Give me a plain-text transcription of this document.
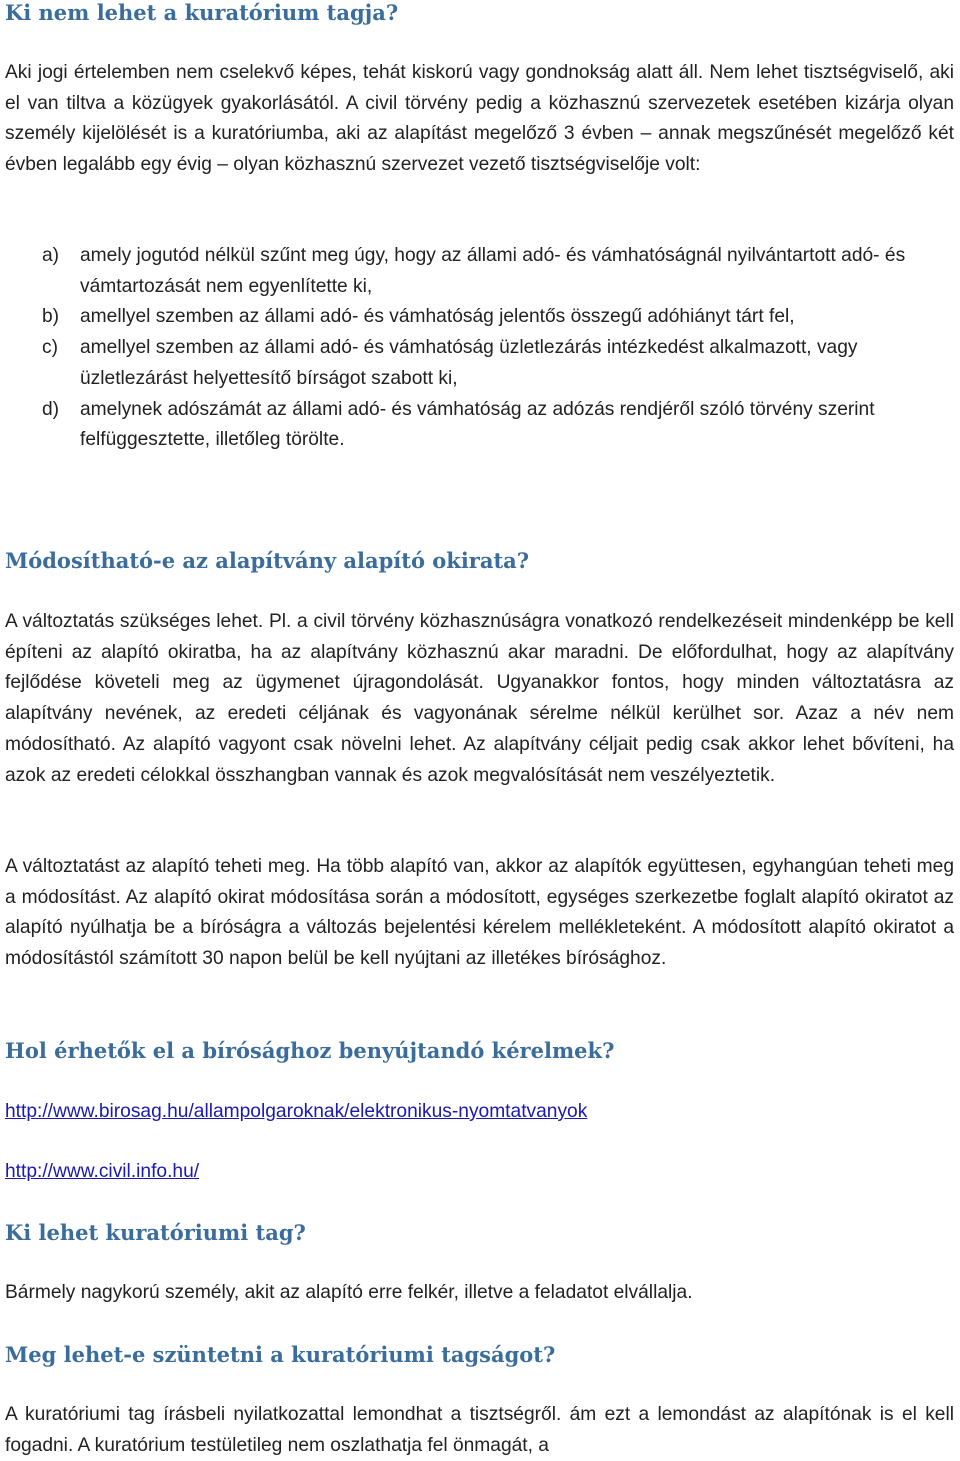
Ki nem lehet a kuratórium tagja?

Aki jogi értelemben nem cselekvő képes, tehát kiskorú vagy gondnokság alatt áll. Nem lehet tisztségviselő, aki el van tiltva a közügyek gyakorlásától. A civil törvény pedig a közhasznú szervezetek esetében kizárja olyan személy kijelölését is a kuratóriumba, aki az alapítást megelőző 3 évben – annak megszűnését megelőző két évben legalább egy évig – olyan közhasznú szervezet vezető tisztségviselője volt:

a) amely jogutód nélkül szűnt meg úgy, hogy az állami adó- és vámhatóságnál nyilvántartott adó- és vámtartozását nem egyenlítette ki,
b) amellyel szemben az állami adó- és vámhatóság jelentős összegű adóhiányt tárt fel,
c) amellyel szemben az állami adó- és vámhatóság üzletlezárás intézkedést alkalmazott, vagy üzletlezárást helyettesítő bírságot szabott ki,
d) amelynek adószámát az állami adó- és vámhatóság az adózás rendjéről szóló törvény szerint felfüggesztette, illetőleg törölte.
Módosítható-e az alapítvány alapító okirata?

A változtatás szükséges lehet. Pl. a civil törvény közhasznúságra vonatkozó rendelkezéseit mindenképp be kell építeni az alapító okiratba, ha az alapítvány közhasznú akar maradni. De előfordulhat, hogy az alapítvány fejlődése követeli meg az ügymenet újragondolását. Ugyanakkor fontos, hogy minden változtatásra az alapítvány nevének, az eredeti céljának és vagyonának sérelme nélkül kerülhet sor. Azaz a név nem módosítható. Az alapító vagyont csak növelni lehet. Az alapítvány céljait pedig csak akkor lehet bővíteni, ha azok az eredeti célokkal összhangban vannak és azok megvalósítását nem veszélyeztetik.

A változtatást az alapító teheti meg. Ha több alapító van, akkor az alapítók együttesen, egyhangúan teheti meg a módosítást. Az alapító okirat módosítása során a módosított, egységes szerkezetbe foglalt alapító okiratot az alapító nyúlhatja be a bíróságra a változás bejelentési kérelem mellékleteként. A módosított alapító okiratot a módosítástól számított 30 napon belül be kell nyújtani az illetékes bírósághoz.

Hol érhetők el a bírósághoz benyújtandó kérelmek?
http://www.birosag.hu/allampolgaroknak/elektronikus-nyomtatvanyok
http://www.civil.info.hu/
Ki lehet kuratóriumi tag?

Bármely nagykorú személy, akit az alapító erre felkér, illetve a feladatot elvállalja.

Meg lehet-e szüntetni a kuratóriumi tagságot?

A kuratóriumi tag írásbeli nyilatkozattal lemondhat a tisztségről. ám ezt a lemondást az alapítónak is el kell fogadni. A kuratórium testületileg nem oszlathatja fel önmagát, a
